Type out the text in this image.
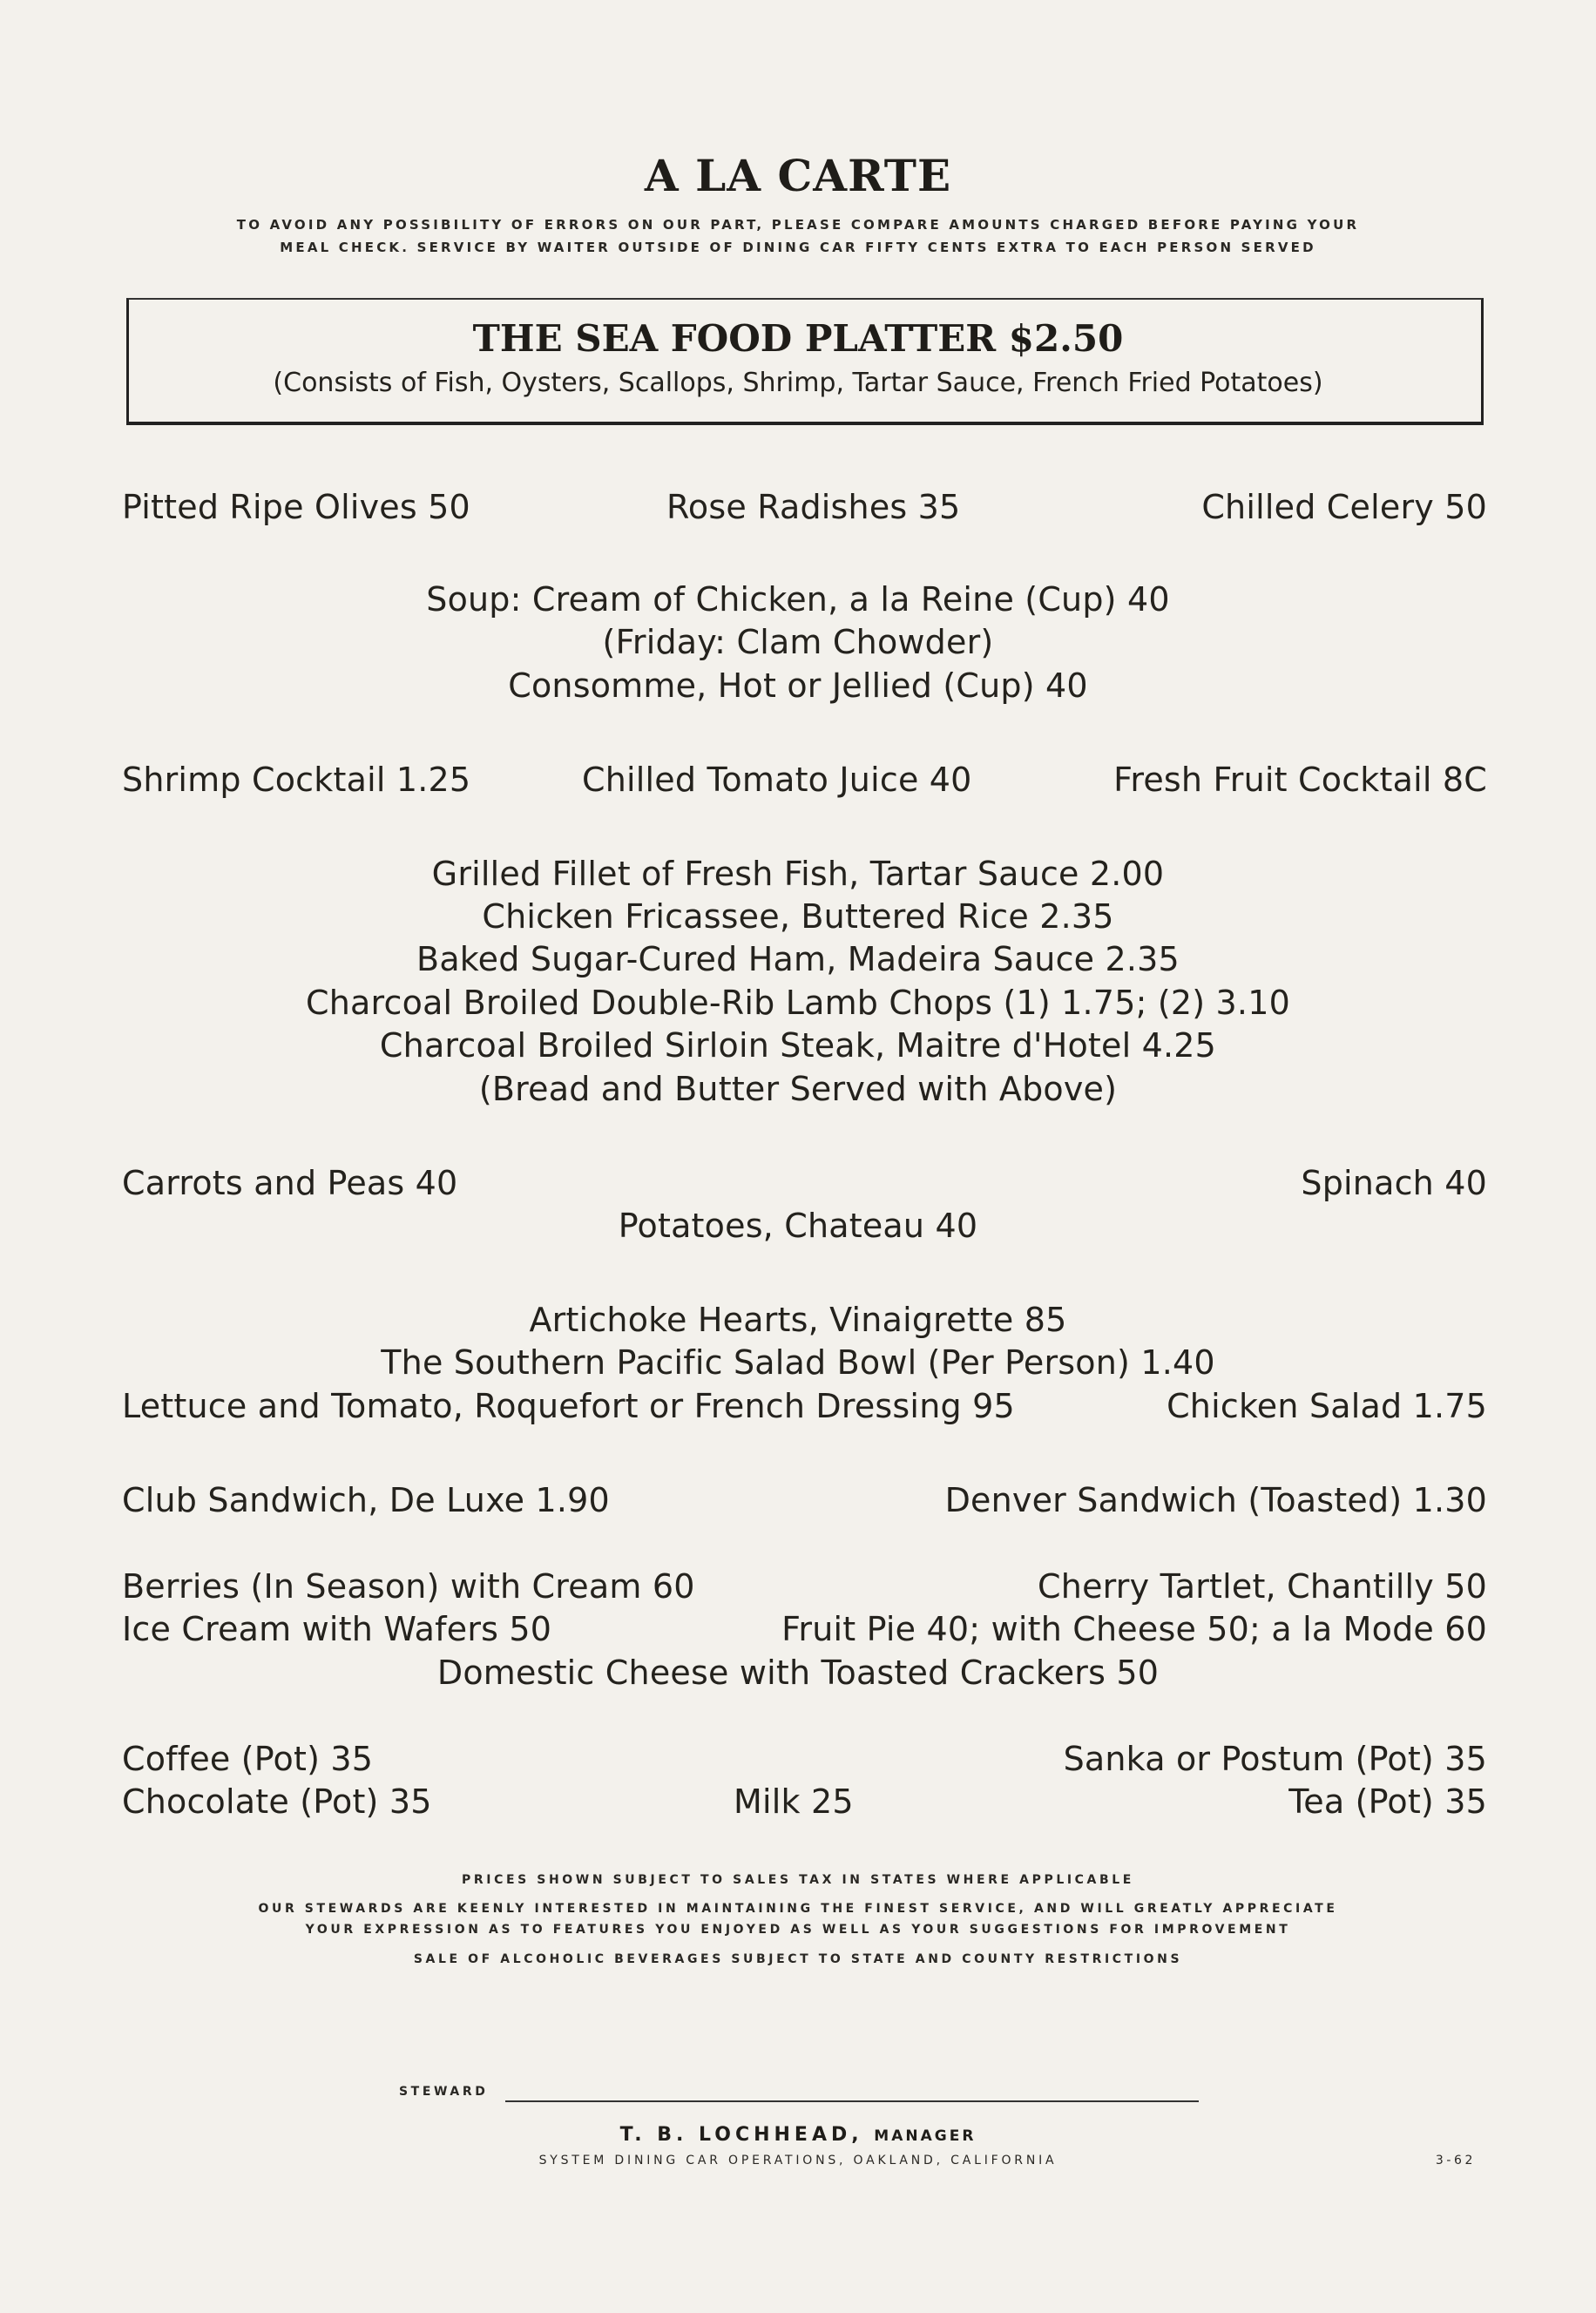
A LA CARTE
TO AVOID ANY POSSIBILITY OF ERRORS ON OUR PART, PLEASE COMPARE AMOUNTS CHARGED BEFORE PAYING YOUR
MEAL CHECK. SERVICE BY WAITER OUTSIDE OF DINING CAR FIFTY CENTS EXTRA TO EACH PERSON SERVED
THE SEA FOOD PLATTER $2.50
(Consists of Fish, Oysters, Scallops, Shrimp, Tartar Sauce, French Fried Potatoes)
Pitted Ripe Olives 50	Rose Radishes 35	Chilled Celery 50
Soup: Cream of Chicken, a la Reine (Cup) 40
(Friday: Clam Chowder)
Consomme, Hot or Jellied (Cup) 40
Shrimp Cocktail 1.25	Chilled Tomato Juice 40	Fresh Fruit Cocktail 8C
Grilled Fillet of Fresh Fish, Tartar Sauce 2.00
Chicken Fricassee, Buttered Rice 2.35
Baked Sugar-Cured Ham, Madeira Sauce 2.35
Charcoal Broiled Double-Rib Lamb Chops (1) 1.75; (2) 3.10
Charcoal Broiled Sirloin Steak, Maitre d'Hotel 4.25
(Bread and Butter Served with Above)
Carrots and Peas 40	Spinach 40
Potatoes, Chateau 40
Artichoke Hearts, Vinaigrette 85
The Southern Pacific Salad Bowl (Per Person) 1.40
Lettuce and Tomato, Roquefort or French Dressing 95	Chicken Salad 1.75
Club Sandwich, De Luxe 1.90	Denver Sandwich (Toasted) 1.30
Berries (In Season) with Cream 60	Cherry Tartlet, Chantilly 50
Ice Cream with Wafers 50	Fruit Pie 40; with Cheese 50; a la Mode 60
Domestic Cheese with Toasted Crackers 50
Coffee (Pot) 35	Sanka or Postum (Pot) 35
Chocolate (Pot) 35	Milk 25	Tea (Pot) 35
PRICES SHOWN SUBJECT TO SALES TAX IN STATES WHERE APPLICABLE
OUR STEWARDS ARE KEENLY INTERESTED IN MAINTAINING THE FINEST SERVICE, AND WILL GREATLY APPRECIATE
YOUR EXPRESSION AS TO FEATURES YOU ENJOYED AS WELL AS YOUR SUGGESTIONS FOR IMPROVEMENT
SALE OF ALCOHOLIC BEVERAGES SUBJECT TO STATE AND COUNTY RESTRICTIONS
STEWARD
T. B. LOCHHEAD, MANAGER
SYSTEM DINING CAR OPERATIONS, OAKLAND, CALIFORNIA	3-62
